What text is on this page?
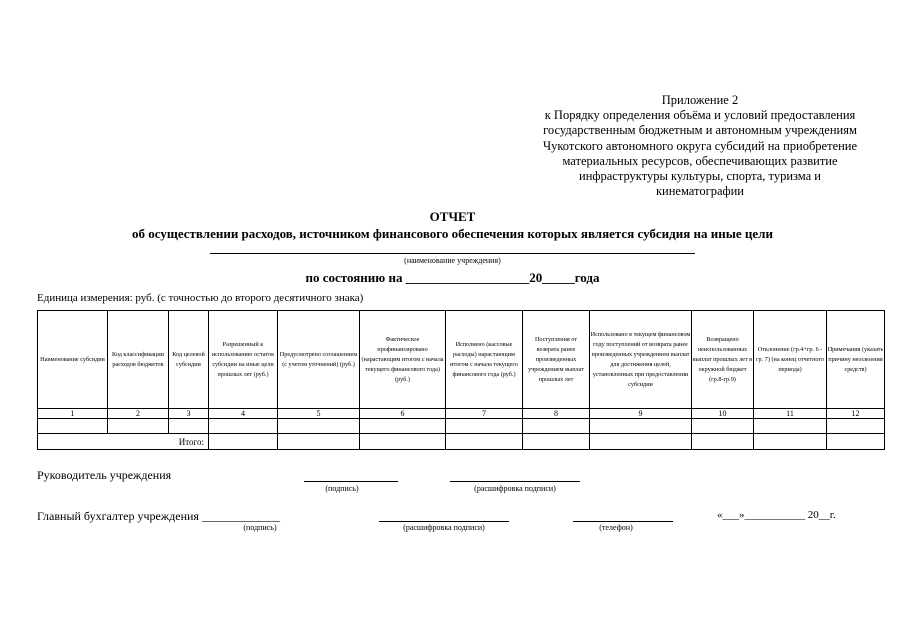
Приложение 2
к Порядку определения объёма и условий предоставления
государственным бюджетным и автономным учреждениям
Чукотского автономного округа субсидий на приобретение
материальных ресурсов, обеспечивающих развитие
инфраструктуры культуры, спорта, туризма и
кинематографии
ОТЧЕТ
об осуществлении расходов, источником финансового обеспечения которых является субсидия на иные цели
(наименование учреждения)
по состоянию на ___________________20_____года
Единица измерения: руб. (с точностью до второго десятичного знака)
Наименование субсидии	Код классификации расходов бюджетов	Код целевой субсидии	Разрешенный к использованию остаток субсидии на иные цели прошлых лет (руб.)	Предусмотрено соглашением (с учетом уточнений) (руб.)	Фактическое профинансировано (нарастающим итогом с начала текущего финансового года) (руб.)	Исполнено (кассовые расходы) нарастающим итогом с начала текущего финансового года (руб.)	Поступления от возврата ранее произведенных учреждением выплат прошлых лет	Использовано в текущем финансовом году поступлений от возврата ранее произведенных учреждением выплат для достижения целей, установленных при предоставлении субсидии	Возвращено неиспользованных выплат прошлых лет в окружной бюджет (гр.8-гр.9)	Отклонение (гр.4+гр. 6 - гр. 7) (на конец отчетного периода)	Примечания (указать причину неосвоения средств)
1	2	3	4	5	6	7	8	9	10	11	12

Итого:											
Руководитель учреждения
(подпись)	(расшифровка подписи)
Главный бухгалтер учреждения _____________
(подпись)	(расшифровка подписи)	(телефон)
«___»___________ 20__г.
